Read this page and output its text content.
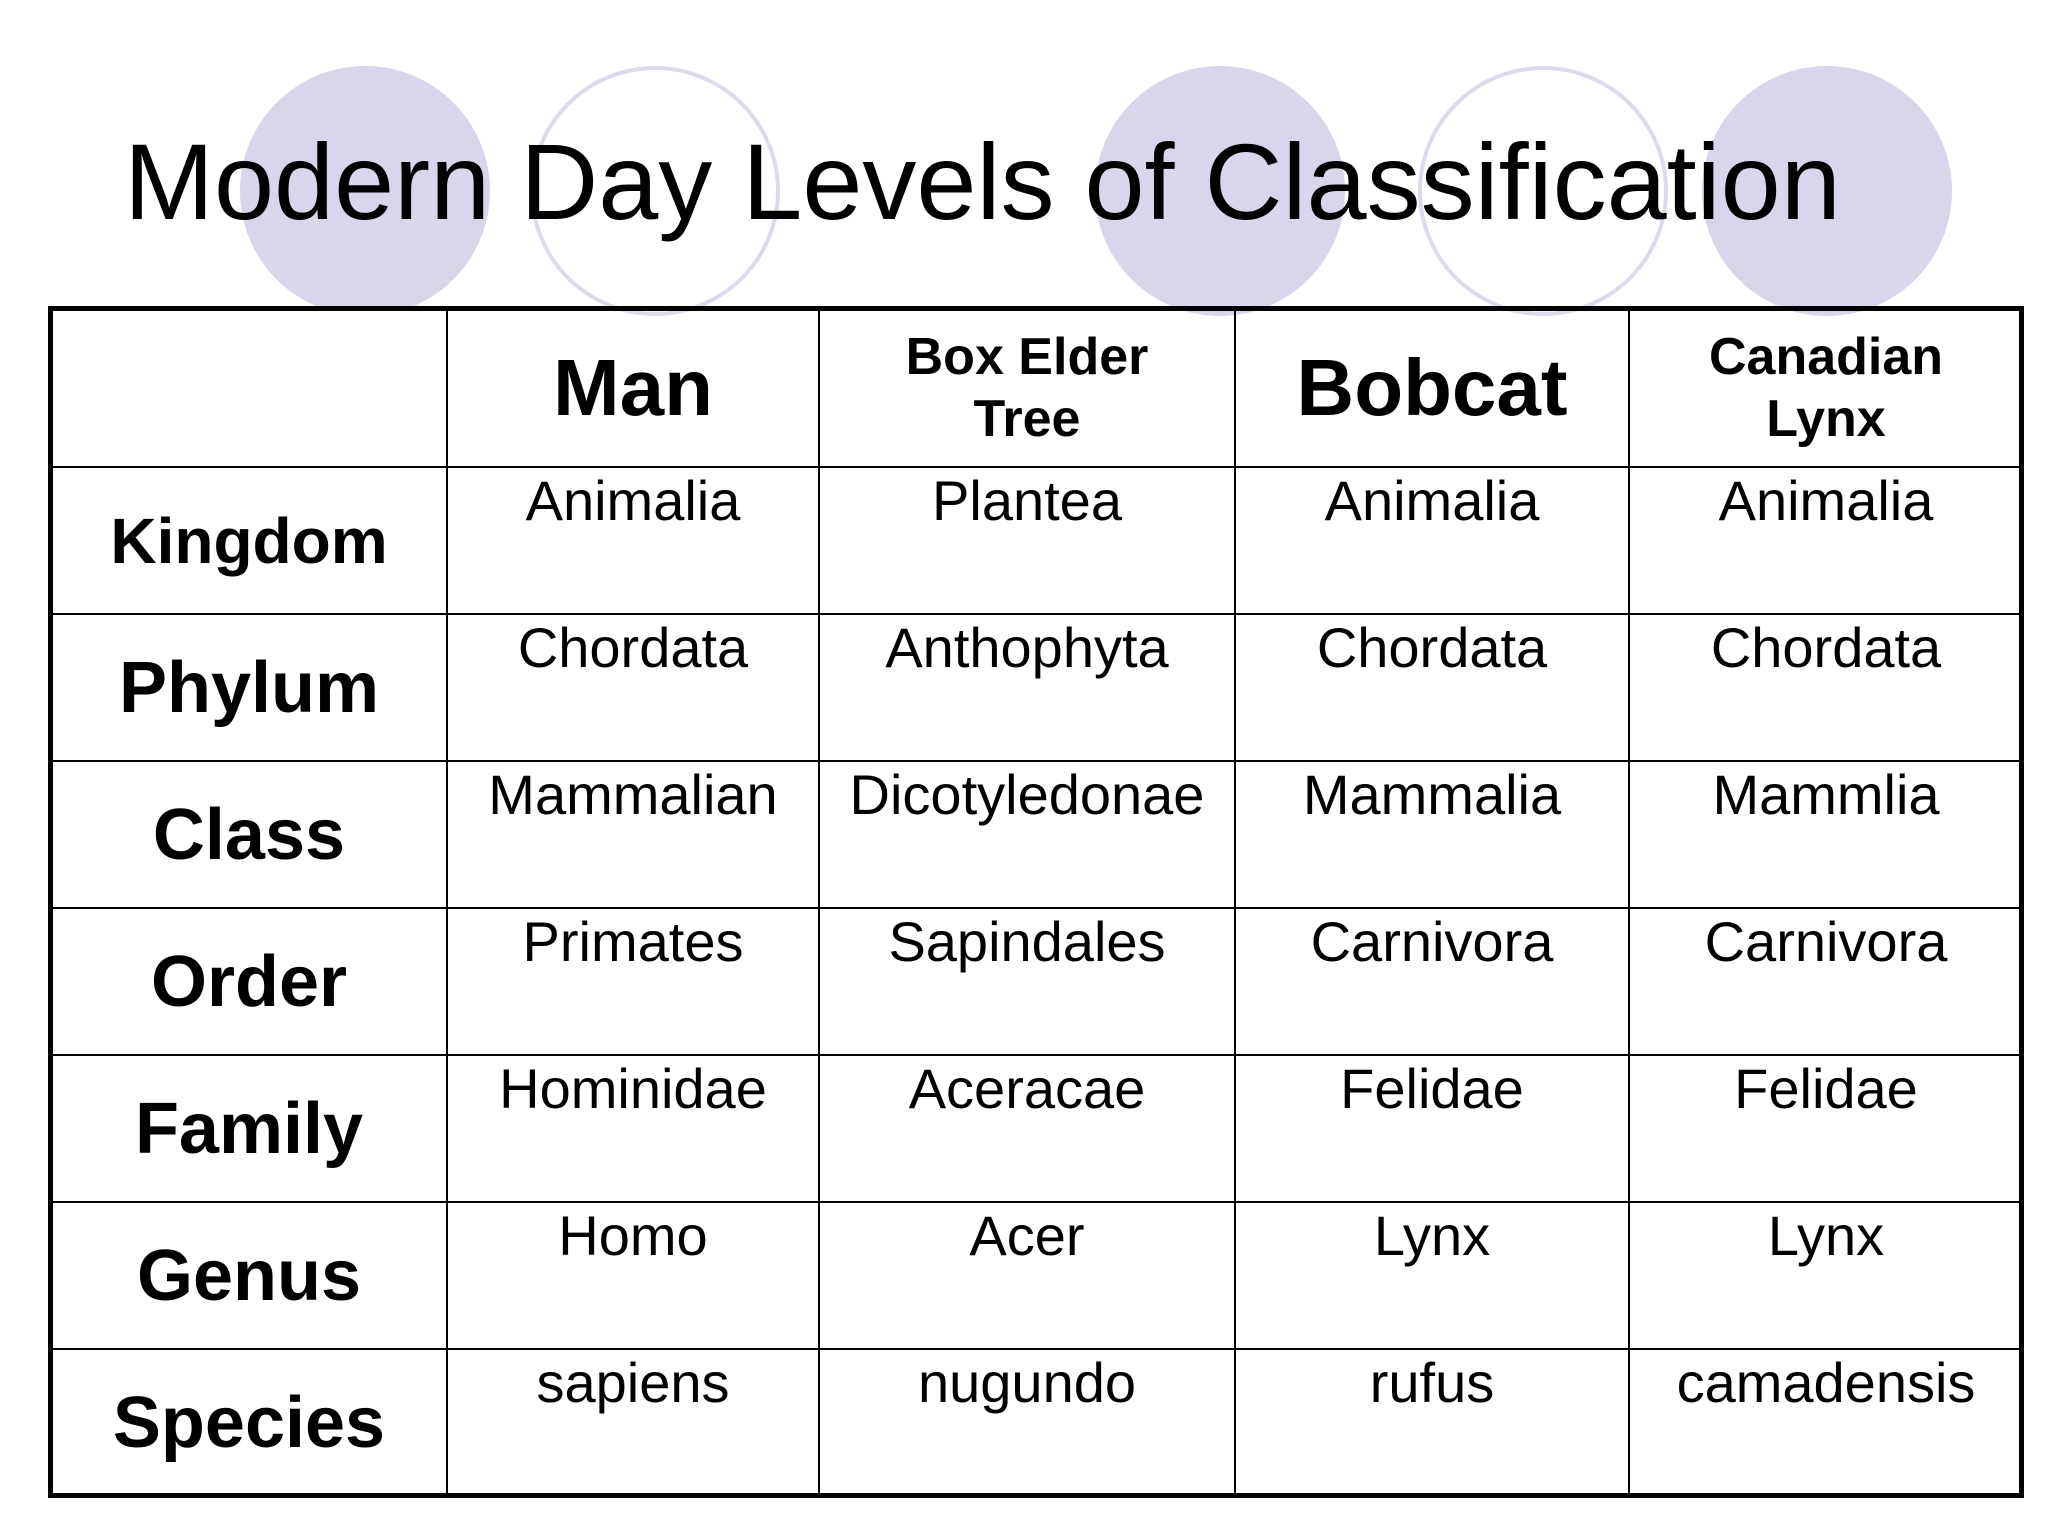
Modern Day Levels of Classification
	Man	Box Elder Tree	Bobcat	Canadian Lynx
Kingdom	Animalia	Plantea	Animalia	Animalia
Phylum	Chordata	Anthophyta	Chordata	Chordata
Class	Mammalian	Dicotyledonae	Mammalia	Mammlia
Order	Primates	Sapindales	Carnivora	Carnivora
Family	Hominidae	Aceracae	Felidae	Felidae
Genus	Homo	Acer	Lynx	Lynx
Species	sapiens	nugundo	rufus	camadensis
